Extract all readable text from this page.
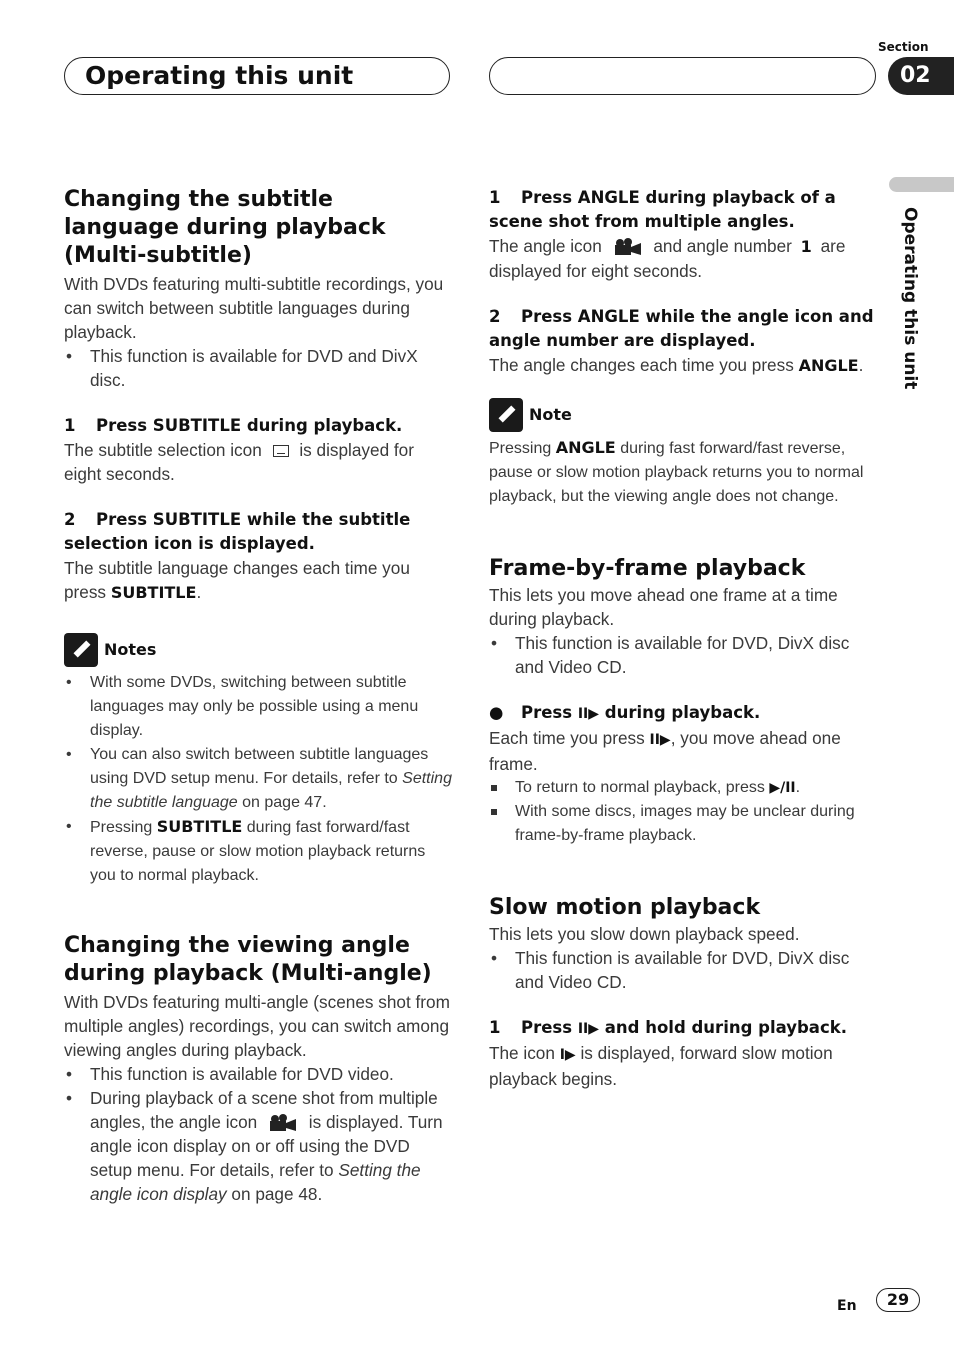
Operating this unit
Section
02
Operating this unit
Changing the subtitle language during playback (Multi-subtitle)

With DVDs featuring multi-subtitle recordings, you can switch between subtitle languages during playback.

• This function is available for DVD and DivX disc.
1 Press SUBTITLE during playback.

The subtitle selection icon is displayed for eight seconds.

2 Press SUBTITLE while the subtitle selection icon is displayed.

The subtitle language changes each time you press SUBTITLE.

Notes
• With some DVDs, switching between subtitle languages may only be possible using a menu display.
• You can also switch between subtitle languages using DVD setup menu. For details, refer to Setting the subtitle language on page 47.
• Pressing SUBTITLE during fast forward/fast reverse, pause or slow motion playback returns you to normal playback.
Changing the viewing angle during playback (Multi-angle)

With DVDs featuring multi-angle (scenes shot from multiple angles) recordings, you can switch among viewing angles during playback.

• This function is available for DVD video.
• During playback of a scene shot from multiple angles, the angle icon	is displayed. Turn angle icon display on or off using the DVD setup menu. For details, refer to Setting the angle icon display on page 48.
1 Press ANGLE during playback of a scene shot from multiple angles.

The angle icon	and angle number 1 are displayed for eight seconds.

2 Press ANGLE while the angle icon and angle number are displayed.

The angle changes each time you press ANGLE.

Note

Pressing ANGLE during fast forward/fast reverse, pause or slow motion playback returns you to normal playback, but the viewing angle does not change.

Frame-by-frame playback

This lets you move ahead one frame at a time during playback.

• This function is available for DVD, DivX disc and Video CD.
● Press II▶ during playback.

Each time you press II▶, you move ahead one frame.

To return to normal playback, press ▶/II.
With some discs, images may be unclear during frame-by-frame playback.
Slow motion playback

This lets you slow down playback speed.

• This function is available for DVD, DivX disc and Video CD.
1 Press II▶ and hold during playback.

The icon I▶ is displayed, forward slow motion playback begins.

En	29
